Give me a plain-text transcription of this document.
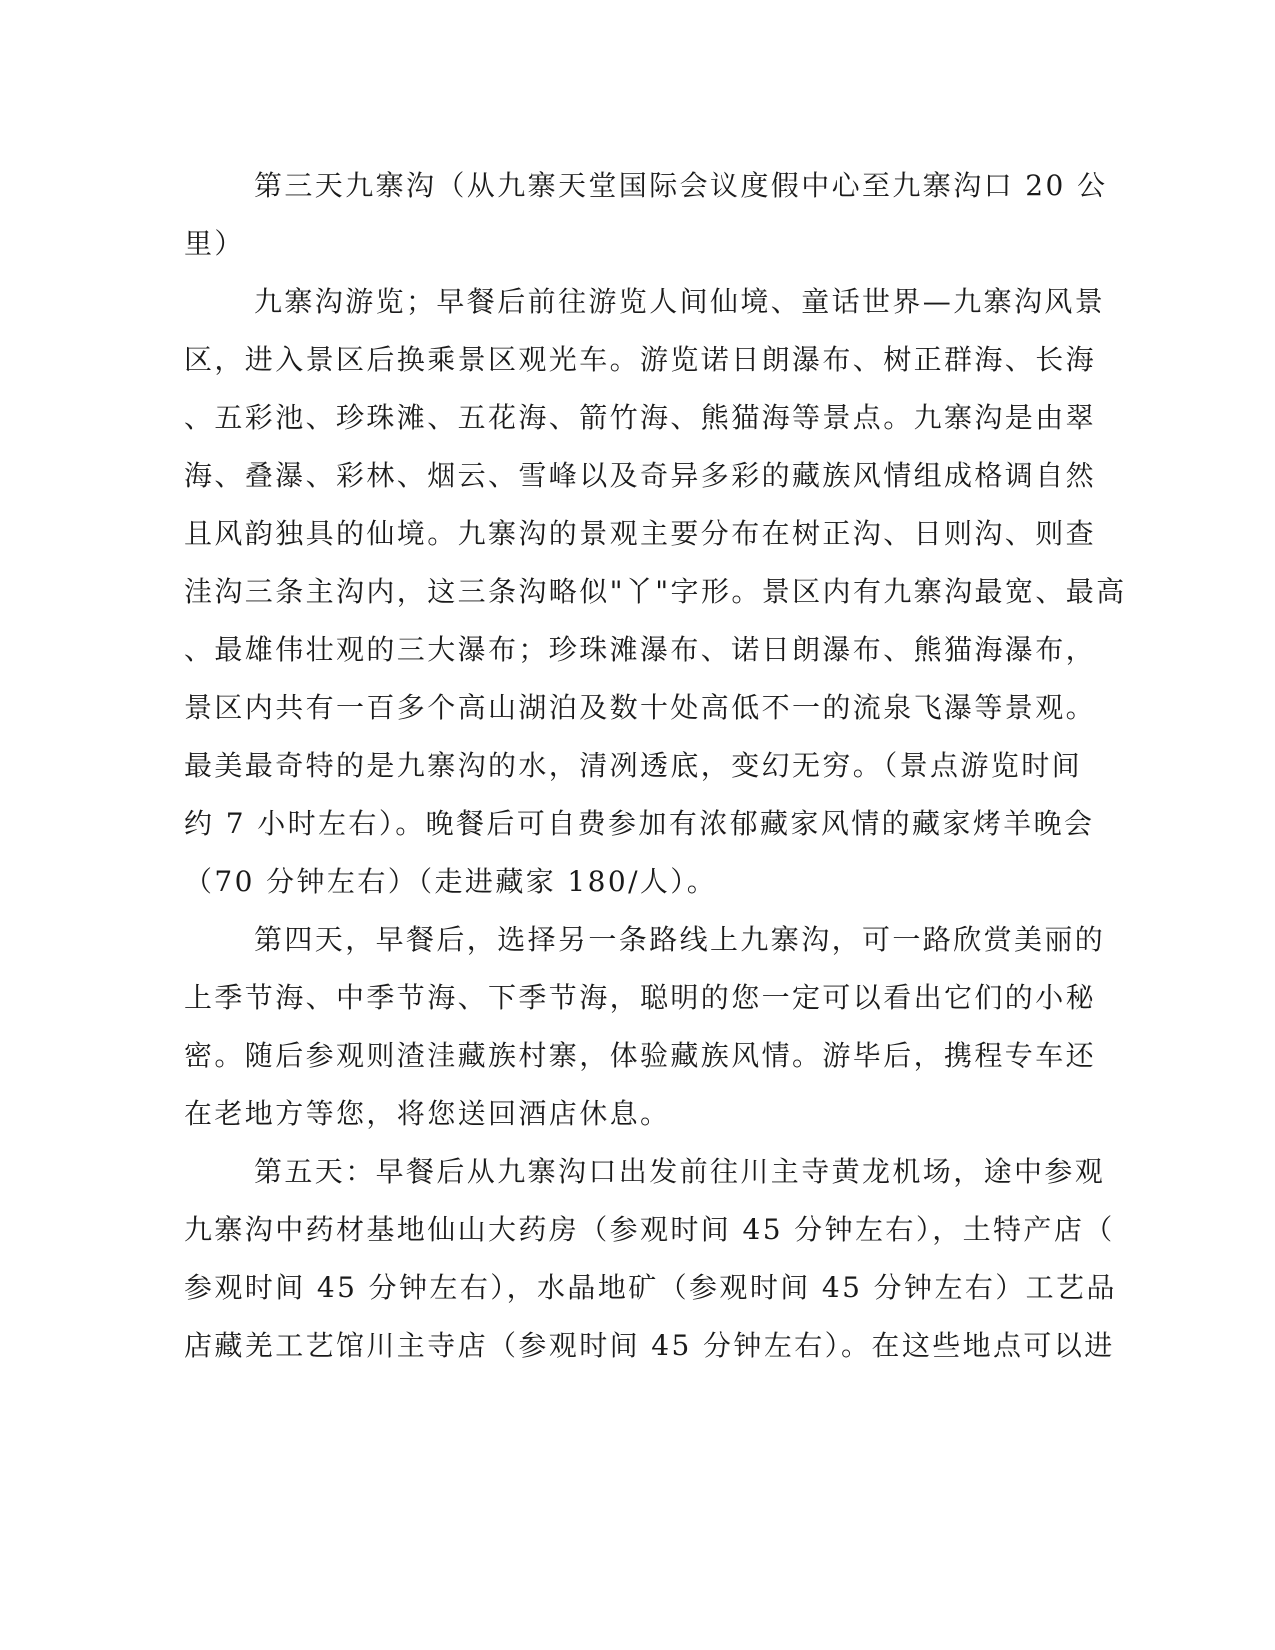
第三天九寨沟（从九寨天堂国际会议度假中心至九寨沟口 20 公
里）
九寨沟游览；早餐后前往游览人间仙境、童话世界—九寨沟风景
区，进入景区后换乘景区观光车。游览诺日朗瀑布、树正群海、长海
、五彩池、珍珠滩、五花海、箭竹海、熊猫海等景点。九寨沟是由翠
海、叠瀑、彩林、烟云、雪峰以及奇异多彩的藏族风情组成格调自然
且风韵独具的仙境。九寨沟的景观主要分布在树正沟、日则沟、则查
洼沟三条主沟内，这三条沟略似"丫"字形。景区内有九寨沟最宽、最高
、最雄伟壮观的三大瀑布；珍珠滩瀑布、诺日朗瀑布、熊猫海瀑布，
景区内共有一百多个高山湖泊及数十处高低不一的流泉飞瀑等景观。
最美最奇特的是九寨沟的水，清冽透底，变幻无穷。（景点游览时间
约 7 小时左右）。晚餐后可自费参加有浓郁藏家风情的藏家烤羊晚会
（70 分钟左右）（走进藏家 180/人）。
第四天，早餐后，选择另一条路线上九寨沟，可一路欣赏美丽的
上季节海、中季节海、下季节海，聪明的您一定可以看出它们的小秘
密。随后参观则渣洼藏族村寨，体验藏族风情。游毕后，携程专车还
在老地方等您，将您送回酒店休息。
第五天：早餐后从九寨沟口出发前往川主寺黄龙机场，途中参观
九寨沟中药材基地仙山大药房（参观时间 45 分钟左右），土特产店（
参观时间 45 分钟左右），水晶地矿（参观时间 45 分钟左右）工艺品
店藏羌工艺馆川主寺店（参观时间 45 分钟左右）。在这些地点可以进
